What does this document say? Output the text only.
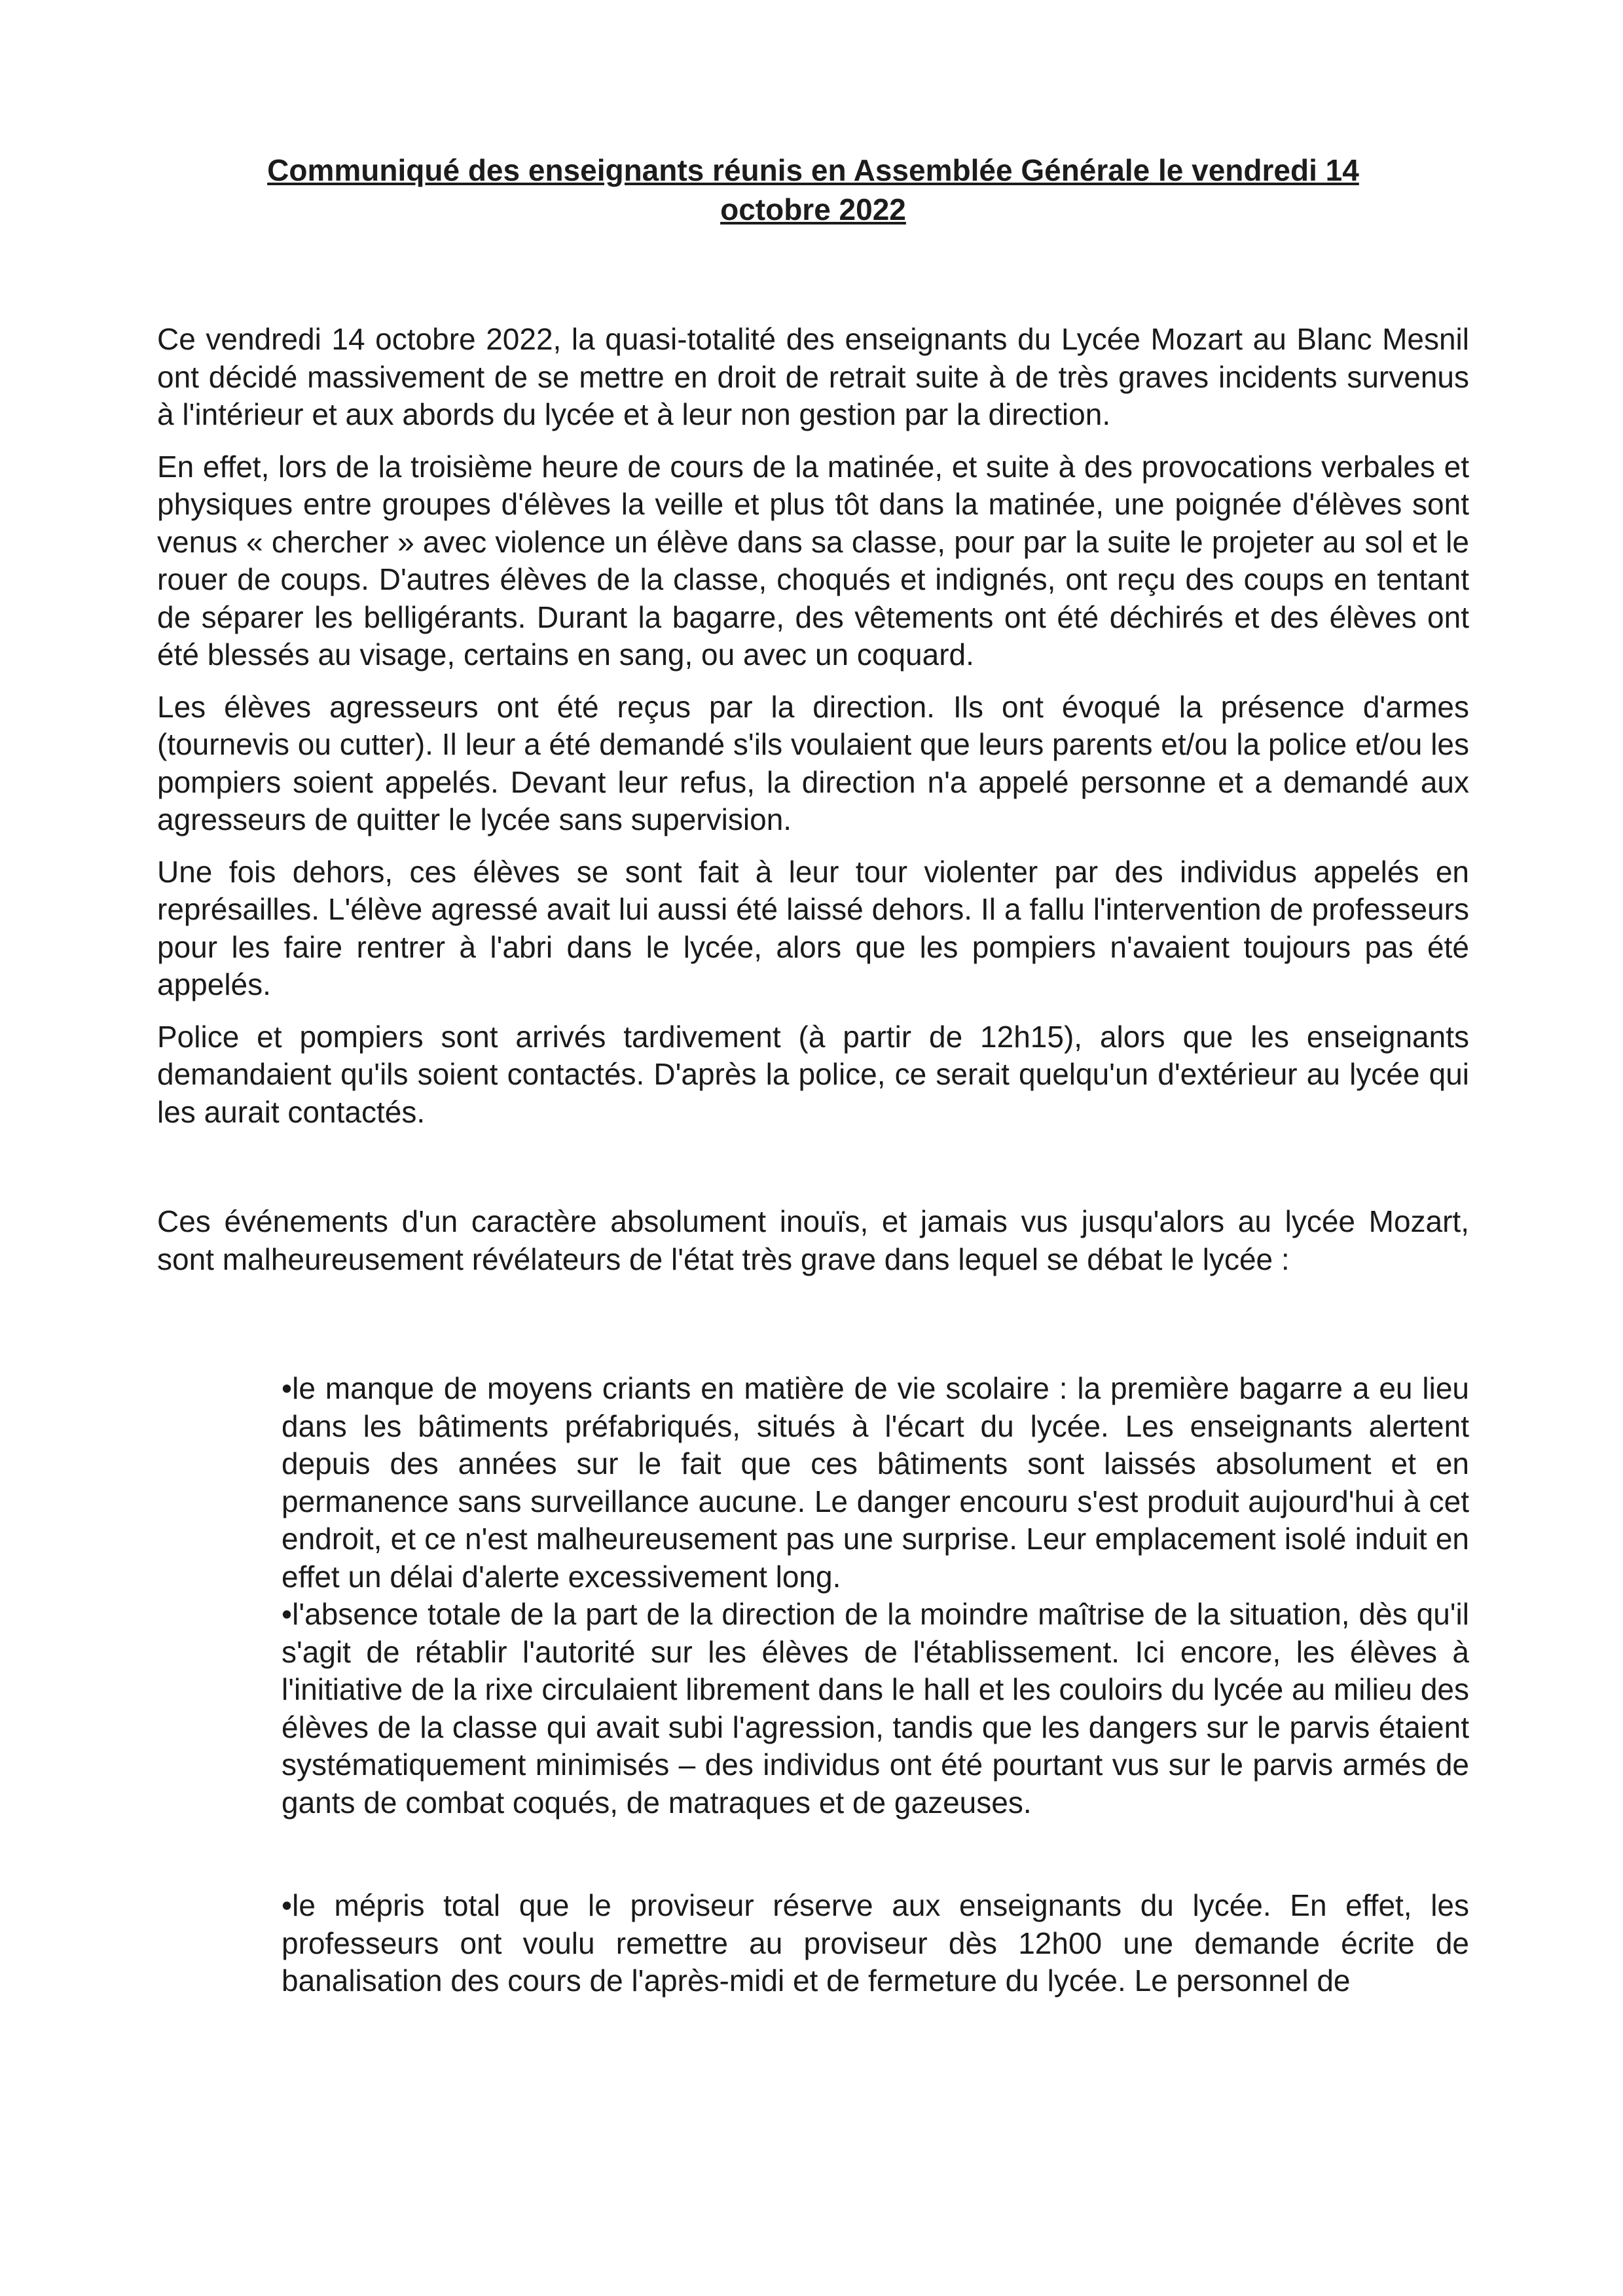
Communiqué des enseignants réunis en Assemblée Générale le vendredi 14 octobre 2022

Ce vendredi 14 octobre 2022, la quasi-totalité des enseignants du Lycée Mozart au Blanc Mesnil ont décidé massivement de se mettre en droit de retrait suite à de très graves incidents survenus à l'intérieur et aux abords du lycée et à leur non gestion par la direction.

En effet, lors de la troisième heure de cours de la matinée, et suite à des provocations verbales et physiques entre groupes d'élèves la veille et plus tôt dans la matinée, une poignée d'élèves sont venus « chercher » avec violence un élève dans sa classe, pour par la suite le projeter au sol et le rouer de coups. D'autres élèves de la classe, choqués et indignés, ont reçu des coups en tentant de séparer les belligérants. Durant la bagarre, des vêtements ont été déchirés et des élèves ont été blessés au visage, certains en sang, ou avec un coquard.

Les élèves agresseurs ont été reçus par la direction. Ils ont évoqué la présence d'armes (tournevis ou cutter). Il leur a été demandé s'ils voulaient que leurs parents et/ou la police et/ou les pompiers soient appelés. Devant leur refus, la direction n'a appelé personne et a demandé aux agresseurs de quitter le lycée sans supervision.

Une fois dehors, ces élèves se sont fait à leur tour violenter par des individus appelés en représailles. L'élève agressé avait lui aussi été laissé dehors. Il a fallu l'intervention de professeurs pour les faire rentrer à l'abri dans le lycée, alors que les pompiers n'avaient toujours pas été appelés.

Police et pompiers sont arrivés tardivement (à partir de 12h15), alors que les enseignants demandaient qu'ils soient contactés. D'après la police, ce serait quelqu'un d'extérieur au lycée qui les aurait contactés.

Ces événements d'un caractère absolument inouïs, et jamais vus jusqu'alors au lycée Mozart, sont malheureusement révélateurs de l'état très grave dans lequel se débat le lycée :

•le manque de moyens criants en matière de vie scolaire : la première bagarre a eu lieu dans les bâtiments préfabriqués, situés à l'écart du lycée. Les enseignants alertent depuis des années sur le fait que ces bâtiments sont laissés absolument et en permanence sans surveillance aucune. Le danger encouru s'est produit aujourd'hui à cet endroit, et ce n'est malheureusement pas une surprise. Leur emplacement isolé induit en effet un délai d'alerte excessivement long.

•l'absence totale de la part de la direction de la moindre maîtrise de la situation, dès qu'il s'agit de rétablir l'autorité sur les élèves de l'établissement. Ici encore, les élèves à l'initiative de la rixe circulaient librement dans le hall et les couloirs du lycée au milieu des élèves de la classe qui avait subi l'agression, tandis que les dangers sur le parvis étaient systématiquement minimisés – des individus ont été pourtant vus sur le parvis armés de gants de combat coqués, de matraques et de gazeuses.

•le mépris total que le proviseur réserve aux enseignants du lycée. En effet, les professeurs ont voulu remettre au proviseur dès 12h00 une demande écrite de banalisation des cours de l'après-midi et de fermeture du lycée. Le personnel de
